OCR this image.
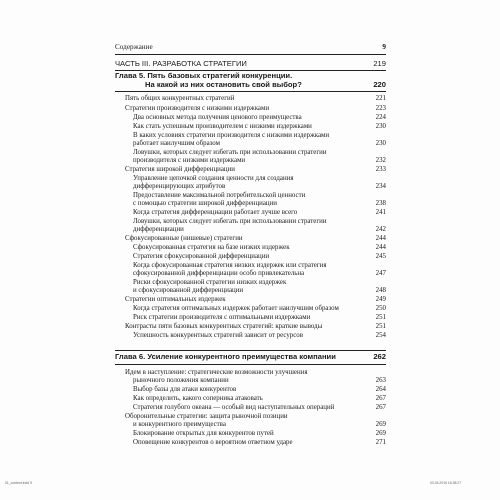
Содержание	9
ЧАСТЬ III. РАЗРАБОТКА СТРАТЕГИИ	219
Глава 5. Пять базовых стратегий конкуренции.
На какой из них остановить свой выбор?	220
Пять общих конкурентных стратегий	221
Стратегии производителя с низкими издержками	223
Два основных метода получения ценового преимущества	224
Как стать успешным производителем с низкими издержками	230
В каких условиях стратегии производителя с низкими издержками
работает наилучшим образом	230
Ловушки, которых следует избегать при использовании стратегии
производителя с низкими издержками	232
Стратегия широкой дифференциации	233
Управление цепочкой создания ценности для создания
дифференцирующих атрибутов	234
Предоставление максимальной потребительской ценности
с помощью стратегии широкой дифференциации	238
Когда стратегия дифференциации работает лучше всего	241
Ловушки, которых следует избегать при использовании стратегии
дифференциации	242
Сфокусированные (нишевые) стратегии	244
Сфокусированная стратегия на базе низких издержек	244
Стратегия сфокусированной дифференциации	245
Когда сфокусированная стратегия низких издержек или стратегия
сфокусированной дифференциации особо привлекательна	247
Риски сфокусированной стратегии низких издержек
и сфокусированной дифференциации	248
Стратегии оптимальных издержек	249
Когда стратегия оптимальных издержек работает наилучшим образом	250
Риск стратегии производителя с оптимальными издержками	251
Контрасты пяти базовых конкурентных стратегий: краткие выводы	251
Успешность конкурентных стратегий зависит от ресурсов	254
Глава 6. Усиление конкурентного преимущества компании	262
Идем в наступление: стратегические возможности улучшения
рыночного положения компании	263
Выбор базы для атаки конкурентов	264
Как определить, какого соперника атаковать	267
Стратегия голубого океана — особый вид наступательных операций	267
Оборонительные стратегии: защита рыночной позиции
и конкурентного преимущества	269
Блокирование открытых для конкурентов путей	269
Оповещение конкурентов о вероятном ответном ударе	271
01_content.indd 9	03.04.2015 16:38:27
